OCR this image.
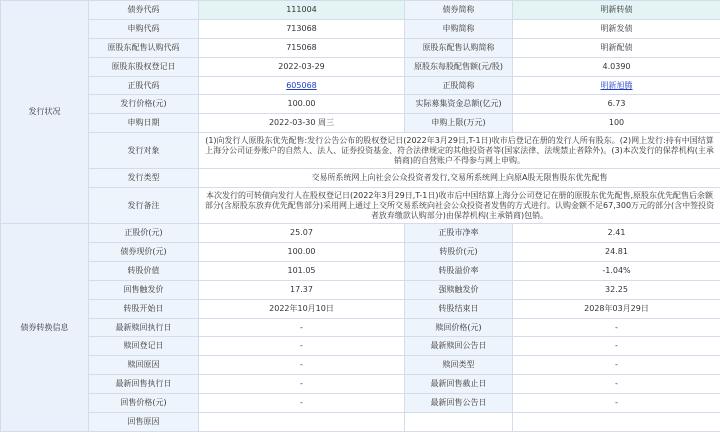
发行状况	债券代码	111004	债券简称	明新转债
	申购代码	713068	申购简称	明新发债
	原股东配售认购代码	715068	原股东配售认购简称	明新配债
	原股东股权登记日	2022-03-29	原股东每股配售额(元/股)	4.0390
	正股代码	605068	正股简称	明新旭腾
	发行价格(元)	100.00	实际募集资金总额(亿元)	6.73
	申购日期	2022-03-30 周三	申购上限(万元)	100
	发行对象	(1)向发行人原股东优先配售:发行公告公布的股权登记日(2022年3月29日,T-1日)收市后登记在册的发行人所有股东。(2)网上发行:持有中国结算上海分公司证券账户的自然人、法人、证券投资基金、符合法律规定的其他投资者等(国家法律、法规禁止者除外)。(3)本次发行的保荐机构(主承销商)的自营账户不得参与网上申购。		
	发行类型	交易所系统网上向社会公众投资者发行,交易所系统网上向原A股无限售股东优先配售		
	发行备注	本次发行的可转债向发行人在股权登记日(2022年3月29日,T-1日)收市后中国结算上海分公司登记在册的原股东优先配售,原股东优先配售后余额部分(含原股东放弃优先配售部分)采用网上通过上交所交易系统向社会公众投资者发售的方式进行。认购金额不足67,300万元的部分(含中签投资者放弃缴款认购部分)由保荐机构(主承销商)包销。		
债券转换信息	正股价(元)	25.07	正股市净率	2.41
	债券现价(元)	100.00	转股价(元)	24.81
	转股价值	101.05	转股溢价率	-1.04%
	回售触发价	17.37	强赎触发价	32.25
	转股开始日	2022年10月10日	转股结束日	2028年03月29日
	最新赎回执行日	-	赎回价格(元)	-
	赎回登记日	-	最新赎回公告日	-
	赎回原因	-	赎回类型	-
	最新回售执行日	-	最新回售截止日	-
	回售价格(元)	-	最新回售公告日	-
	回售原因			
